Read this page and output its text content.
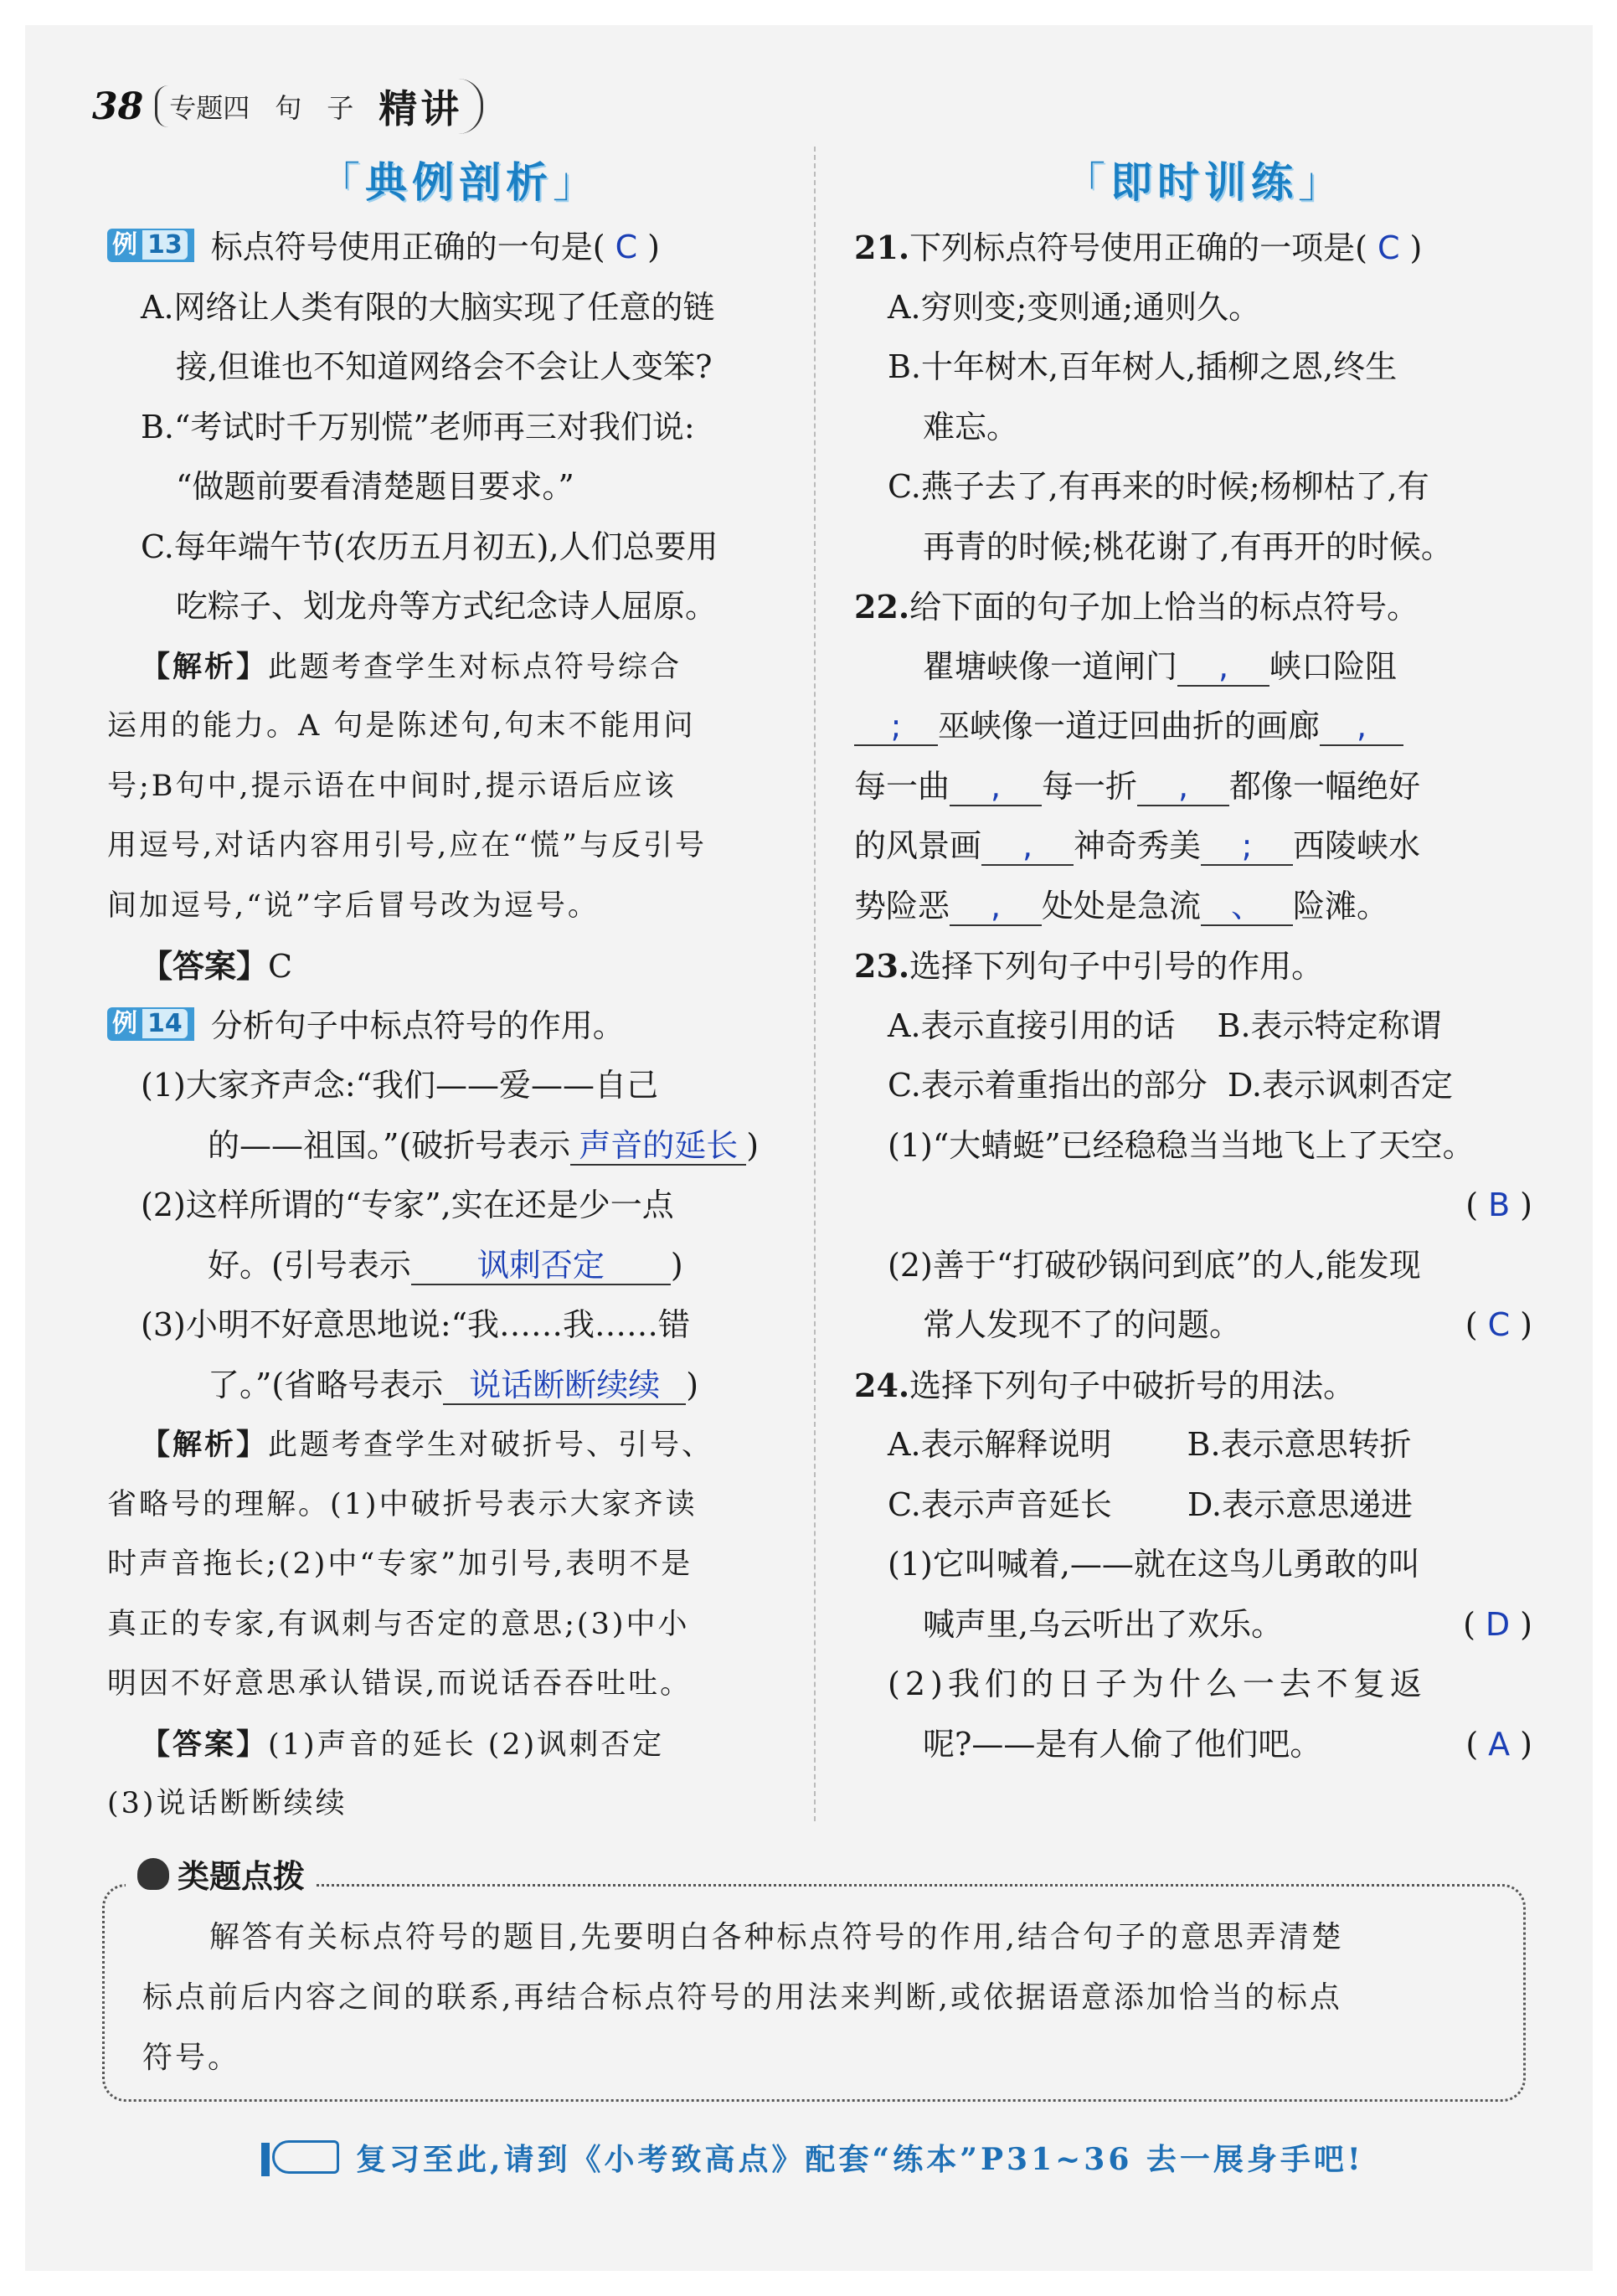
38 专题四 句 子 精讲
「典例剖析」	「即时训练」
例 13 标点符号使用正确的一句是( C )
A.网络让人类有限的大脑实现了任意的链
接,但谁也不知道网络会不会让人变笨?
B.“考试时千万别慌”老师再三对我们说:
“做题前要看清楚题目要求。”
C.每年端午节(农历五月初五),人们总要用
吃粽子、划龙舟等方式纪念诗人屈原。
【解析】此题考查学生对标点符号综合
运用的能力。A 句是陈述句,句末不能用问
号;B句中,提示语在中间时,提示语后应该
用逗号,对话内容用引号,应在“慌”与反引号
间加逗号,“说”字后冒号改为逗号。
【答案】C
例 14 分析句子中标点符号的作用。
(1)大家齐声念:“我们——爱——自己
的——祖国。”(破折号表示 声音的延长 )
(2)这样所谓的“专家”,实在还是少一点
好。(引号表示 讽刺否定 )
(3)小明不好意思地说:“我……我……错
了。”(省略号表示 说话断断续续 )
【解析】此题考查学生对破折号、引号、
省略号的理解。(1)中破折号表示大家齐读
时声音拖长;(2)中“专家”加引号,表明不是
真正的专家,有讽刺与否定的意思;(3)中小
明因不好意思承认错误,而说话吞吞吐吐。
【答案】(1)声音的延长 (2)讽刺否定
(3)说话断断续续
21.下列标点符号使用正确的一项是( C )
A.穷则变;变则通;通则久。
B.十年树木,百年树人,插柳之恩,终生
难忘。
C.燕子去了,有再来的时候;杨柳枯了,有
再青的时候;桃花谢了,有再开的时候。
22.给下面的句子加上恰当的标点符号。
瞿塘峡像一道闸门 , 峡口险阻
; 巫峡像一道迂回曲折的画廊 ,
每一曲 , 每一折 , 都像一幅绝好
的风景画 , 神奇秀美 ; 西陵峡水
势险恶 , 处处是急流 、 险滩。
23.选择下列句子中引号的作用。
A.表示直接引用的话 B.表示特定称谓
C.表示着重指出的部分 D.表示讽刺否定
(1)“大蜻蜓”已经稳稳当当地飞上了天空。
( B )
(2)善于“打破砂锅问到底”的人,能发现
常人发现不了的问题。	( C )
24.选择下列句子中破折号的用法。
A.表示解释说明 B.表示意思转折
C.表示声音延长 D.表示意思递进
(1)它叫喊着,——就在这鸟儿勇敢的叫
喊声里,乌云听出了欢乐。	( D )
(2)我们的日子为什么一去不复返
呢?——是有人偷了他们吧。	( A )
类题点拨
解答有关标点符号的题目,先要明白各种标点符号的作用,结合句子的意思弄清楚
标点前后内容之间的联系,再结合标点符号的用法来判断,或依据语意添加恰当的标点
符号。
复习至此,请到《小考致高点》配套“练本”P31~36 去一展身手吧!
